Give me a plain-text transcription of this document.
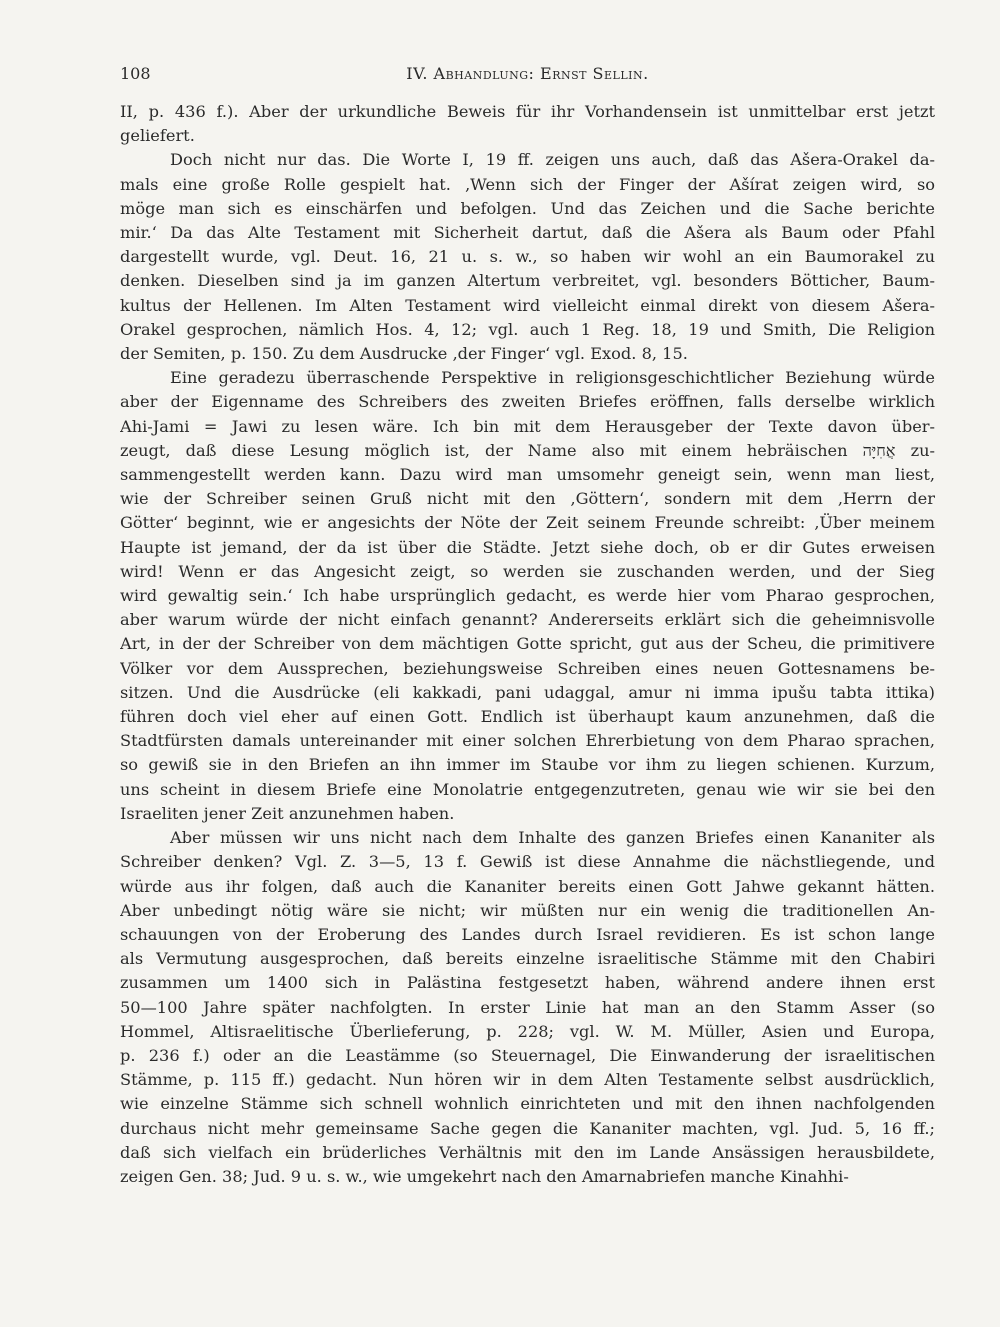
108	IV. Abhandlung: Ernst Sellin.

II, p. 436 f.). Aber der urkundliche Beweis für ihr Vorhandensein ist unmittelbar erst jetzt
geliefert.

Doch nicht nur das. Die Worte I, 19 ff. zeigen uns auch, daß das Ašera-Orakel da-
mals eine große Rolle gespielt hat. ‚Wenn sich der Finger der Ašírat zeigen wird, so
möge man sich es einschärfen und befolgen. Und das Zeichen und die Sache berichte
mir.‘ Da das Alte Testament mit Sicherheit dartut, daß die Ašera als Baum oder Pfahl
dargestellt wurde, vgl. Deut. 16, 21 u. s. w., so haben wir wohl an ein Baumorakel zu
denken. Dieselben sind ja im ganzen Altertum verbreitet, vgl. besonders Bötticher, Baum-
kultus der Hellenen. Im Alten Testament wird vielleicht einmal direkt von diesem Ašera-
Orakel gesprochen, nämlich Hos. 4, 12; vgl. auch 1 Reg. 18, 19 und Smith, Die Religion
der Semiten, p. 150. Zu dem Ausdrucke ‚der Finger‘ vgl. Exod. 8, 15.

Eine geradezu überraschende Perspektive in religionsgeschichtlicher Beziehung würde
aber der Eigenname des Schreibers des zweiten Briefes eröffnen, falls derselbe wirklich
Ahi-Jami = Jawi zu lesen wäre. Ich bin mit dem Herausgeber der Texte davon über-
zeugt, daß diese Lesung möglich ist, der Name also mit einem hebräischen אֲחִיָּה zu-
sammengestellt werden kann. Dazu wird man umsomehr geneigt sein, wenn man liest,
wie der Schreiber seinen Gruß nicht mit den ‚Göttern‘, sondern mit dem ‚Herrn der
Götter‘ beginnt, wie er angesichts der Nöte der Zeit seinem Freunde schreibt: ‚Über meinem
Haupte ist jemand, der da ist über die Städte. Jetzt siehe doch, ob er dir Gutes erweisen
wird! Wenn er das Angesicht zeigt, so werden sie zuschanden werden, und der Sieg
wird gewaltig sein.‘ Ich habe ursprünglich gedacht, es werde hier vom Pharao gesprochen,
aber warum würde der nicht einfach genannt? Andererseits erklärt sich die geheimnisvolle
Art, in der der Schreiber von dem mächtigen Gotte spricht, gut aus der Scheu, die primitivere
Völker vor dem Aussprechen, beziehungsweise Schreiben eines neuen Gottesnamens be-
sitzen. Und die Ausdrücke (eli kakkadi, pani udaggal, amur ni imma ipušu tabta ittika)
führen doch viel eher auf einen Gott. Endlich ist überhaupt kaum anzunehmen, daß die
Stadtfürsten damals untereinander mit einer solchen Ehrerbietung von dem Pharao sprachen,
so gewiß sie in den Briefen an ihn immer im Staube vor ihm zu liegen schienen. Kurzum,
uns scheint in diesem Briefe eine Monolatrie entgegenzutreten, genau wie wir sie bei den
Israeliten jener Zeit anzunehmen haben.

Aber müssen wir uns nicht nach dem Inhalte des ganzen Briefes einen Kananiter als
Schreiber denken? Vgl. Z. 3—5, 13 f. Gewiß ist diese Annahme die nächstliegende, und
würde aus ihr folgen, daß auch die Kananiter bereits einen Gott Jahwe gekannt hätten.
Aber unbedingt nötig wäre sie nicht; wir müßten nur ein wenig die traditionellen An-
schauungen von der Eroberung des Landes durch Israel revidieren. Es ist schon lange
als Vermutung ausgesprochen, daß bereits einzelne israelitische Stämme mit den Chabiri
zusammen um 1400 sich in Palästina festgesetzt haben, während andere ihnen erst
50—100 Jahre später nachfolgten. In erster Linie hat man an den Stamm Asser (so
Hommel, Altisraelitische Überlieferung, p. 228; vgl. W. M. Müller, Asien und Europa,
p. 236 f.) oder an die Leastämme (so Steuernagel, Die Einwanderung der israelitischen
Stämme, p. 115 ff.) gedacht. Nun hören wir in dem Alten Testamente selbst ausdrücklich,
wie einzelne Stämme sich schnell wohnlich einrichteten und mit den ihnen nachfolgenden
durchaus nicht mehr gemeinsame Sache gegen die Kananiter machten, vgl. Jud. 5, 16 ff.;
daß sich vielfach ein brüderliches Verhältnis mit den im Lande Ansässigen herausbildete,
zeigen Gen. 38; Jud. 9 u. s. w., wie umgekehrt nach den Amarnabriefen manche Kinahhi-
